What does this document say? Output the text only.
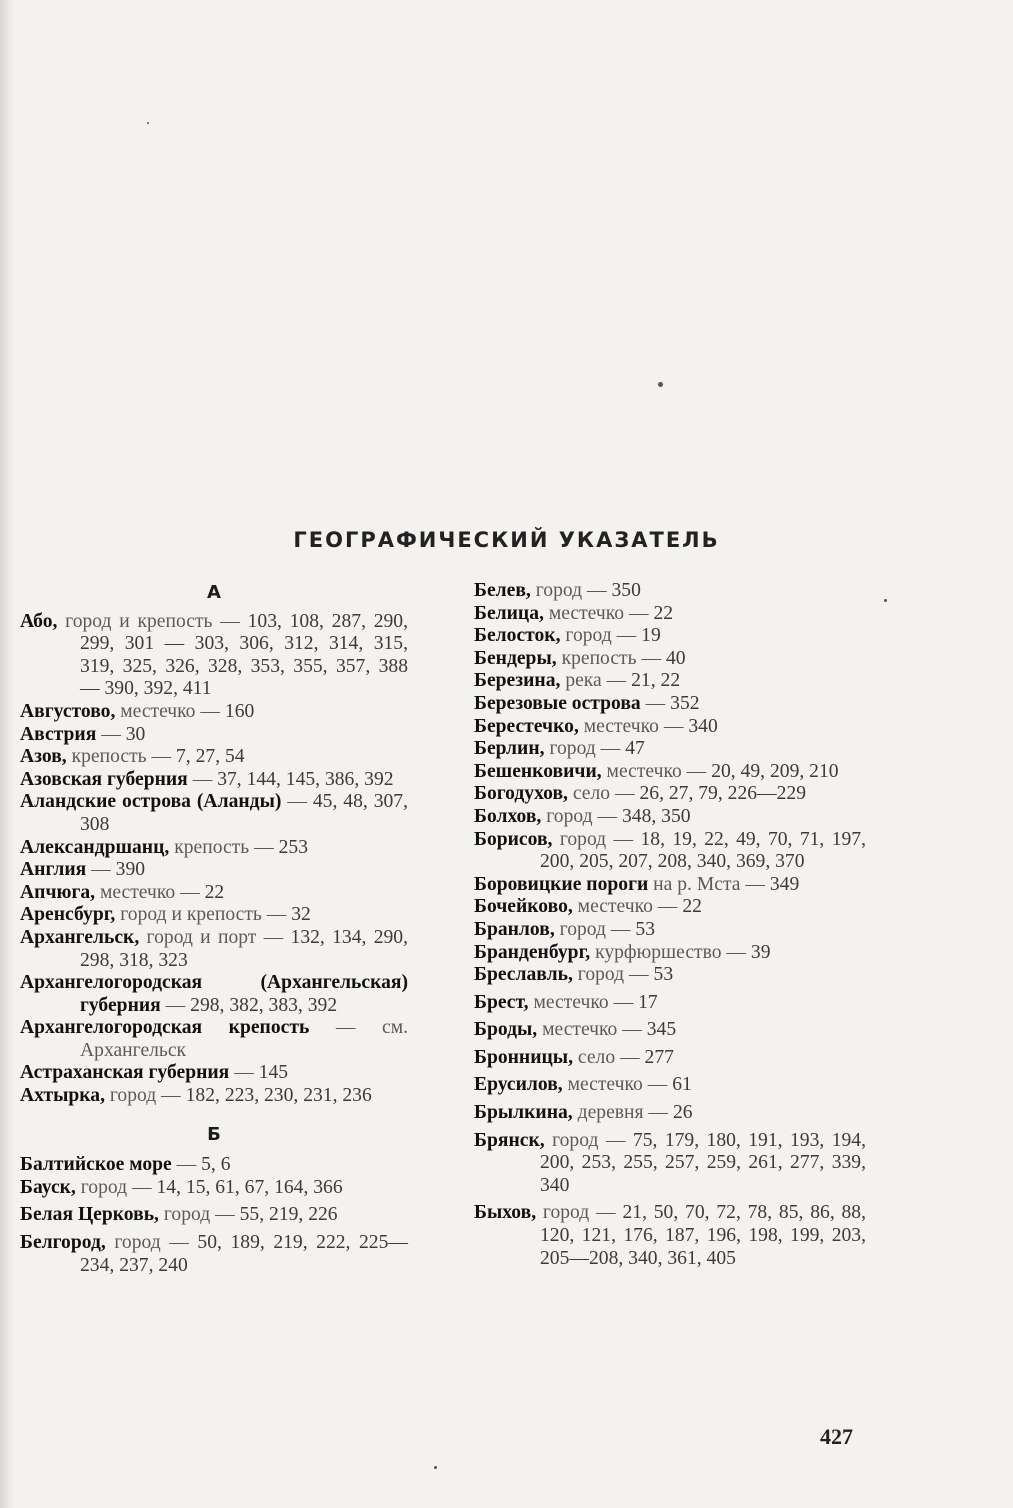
ГЕОГРАФИЧЕСКИЙ УКАЗАТЕЛЬ
А
Або, город и крепость — 103, 108, 287, 290, 299, 301 — 303, 306, 312, 314, 315, 319, 325, 326, 328, 353, 355, 357, 388 — 390, 392, 411
Августово, местечко — 160
Австрия — 30
Азов, крепость — 7, 27, 54
Азовская губерния — 37, 144, 145, 386, 392
Аландские острова (Аланды) — 45, 48, 307, 308
Александршанц, крепость — 253
Англия — 390
Апчюга, местечко — 22
Аренсбург, город и крепость — 32
Архангельск, город и порт — 132, 134, 290, 298, 318, 323
Архангелогородская (Архангельская) губерния — 298, 382, 383, 392
Архангелогородская крепость — см. Архангельск
Астраханская губерния — 145
Ахтырка, город — 182, 223, 230, 231, 236
Б
Балтийское море — 5, 6
Бауск, город — 14, 15, 61, 67, 164, 366
Белая Церковь, город — 55, 219, 226
Белгород, город — 50, 189, 219, 222, 225—234, 237, 240
Белев, город — 350
Белица, местечко — 22
Белосток, город — 19
Бендеры, крепость — 40
Березина, река — 21, 22
Березовые острова — 352
Берестечко, местечко — 340
Берлин, город — 47
Бешенковичи, местечко — 20, 49, 209, 210
Богодухов, село — 26, 27, 79, 226—229
Болхов, город — 348, 350
Борисов, город — 18, 19, 22, 49, 70, 71, 197, 200, 205, 207, 208, 340, 369, 370
Боровицкие пороги на р. Мста — 349
Бочейково, местечко — 22
Бранлов, город — 53
Бранденбург, курфюршество — 39
Бреславль, город — 53
Брест, местечко — 17
Броды, местечко — 345
Бронницы, село — 277
Ерусилов, местечко — 61
Брылкина, деревня — 26
Брянск, город — 75, 179, 180, 191, 193, 194, 200, 253, 255, 257, 259, 261, 277, 339, 340
Быхов, город — 21, 50, 70, 72, 78, 85, 86, 88, 120, 121, 176, 187, 196, 198, 199, 203, 205—208, 340, 361, 405
427
